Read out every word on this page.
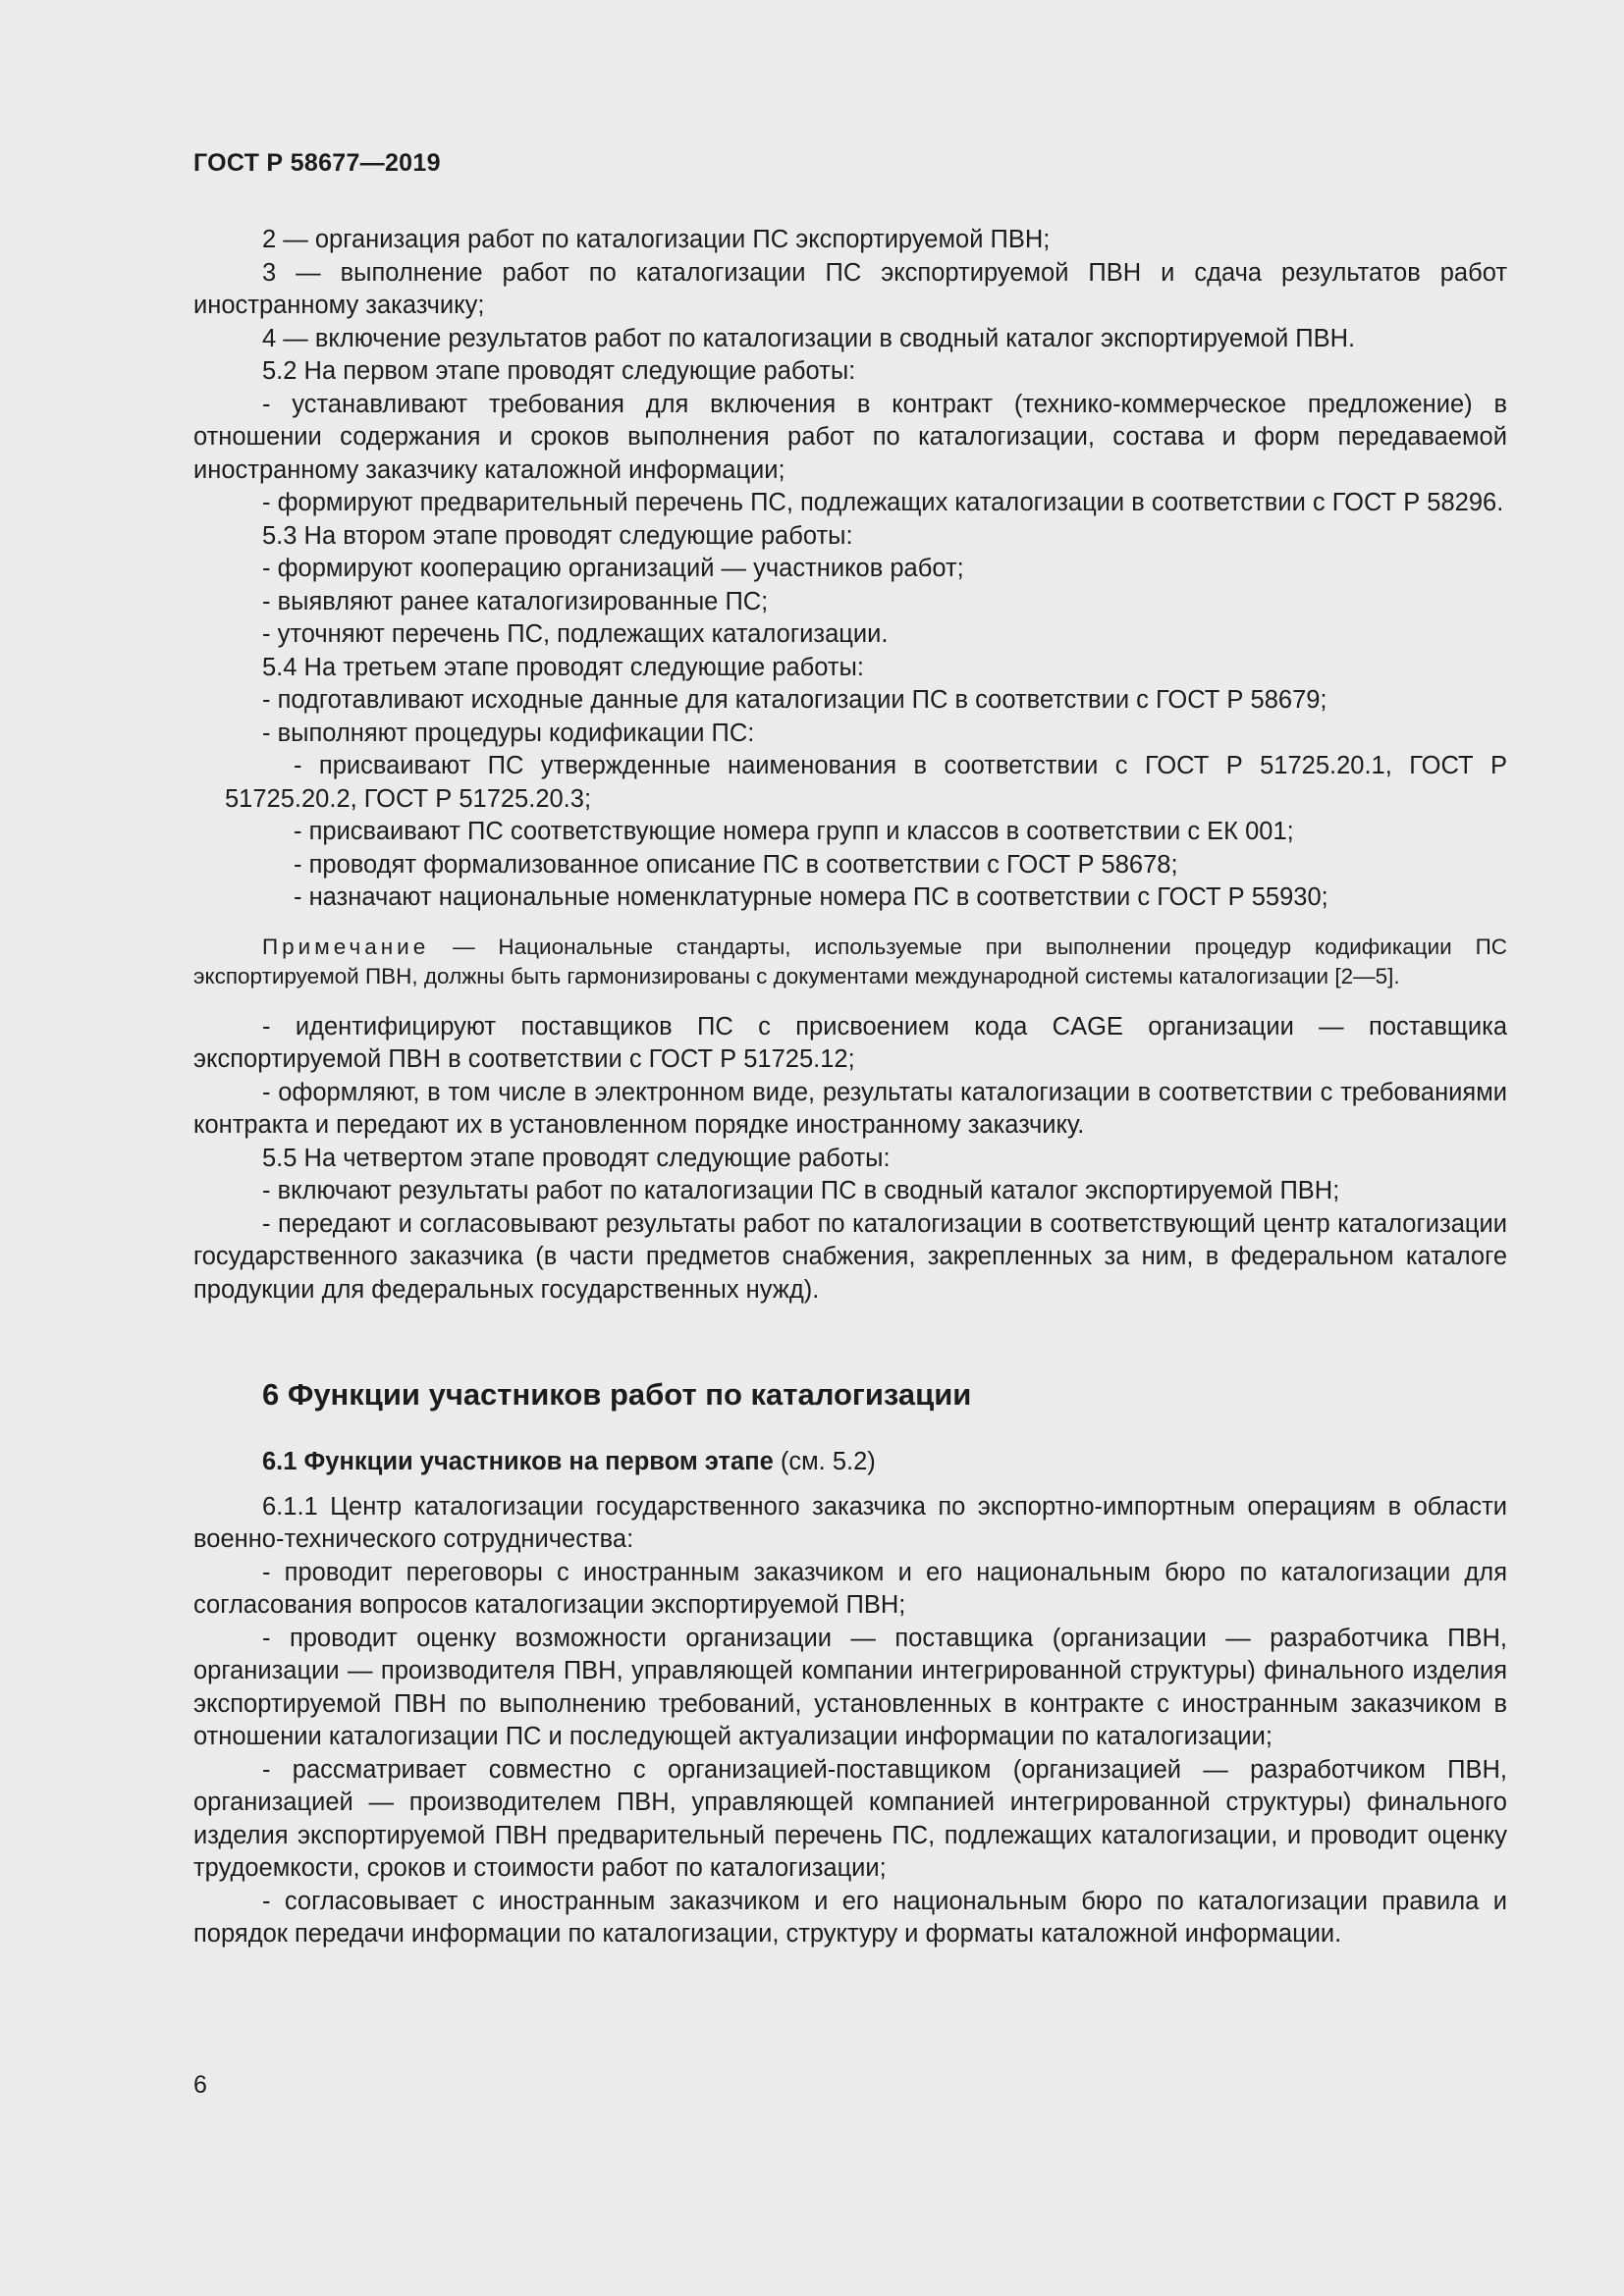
ГОСТ Р 58677—2019

2 — организация работ по каталогизации ПС экспортируемой ПВН;

3 — выполнение работ по каталогизации ПС экспортируемой ПВН и сдача результатов работ иностранному заказчику;

4 — включение результатов работ по каталогизации в сводный каталог экспортируемой ПВН.

5.2 На первом этапе проводят следующие работы:

- устанавливают требования для включения в контракт (технико-коммерческое предложение) в отношении содержания и сроков выполнения работ по каталогизации, состава и форм передаваемой иностранному заказчику каталожной информации;

- формируют предварительный перечень ПС, подлежащих каталогизации в соответствии с ГОСТ Р 58296.

5.3 На втором этапе проводят следующие работы:

- формируют кооперацию организаций — участников работ;

- выявляют ранее каталогизированные ПС;

- уточняют перечень ПС, подлежащих каталогизации.

5.4 На третьем этапе проводят следующие работы:

- подготавливают исходные данные для каталогизации ПС в соответствии с ГОСТ Р 58679;

- выполняют процедуры кодификации ПС:

- присваивают ПС утвержденные наименования в соответствии с ГОСТ Р 51725.20.1, ГОСТ Р 51725.20.2, ГОСТ Р 51725.20.3;

- присваивают ПС соответствующие номера групп и классов в соответствии с ЕК 001;

- проводят формализованное описание ПС в соответствии с ГОСТ Р 58678;

- назначают национальные номенклатурные номера ПС в соответствии с ГОСТ Р 55930;

Примечание — Национальные стандарты, используемые при выполнении процедур кодификации ПС экспортируемой ПВН, должны быть гармонизированы с документами международной системы каталогизации [2—5].

- идентифицируют поставщиков ПС с присвоением кода CAGE организации — поставщика экспортируемой ПВН в соответствии с ГОСТ Р 51725.12;

- оформляют, в том числе в электронном виде, результаты каталогизации в соответствии с требованиями контракта и передают их в установленном порядке иностранному заказчику.

5.5 На четвертом этапе проводят следующие работы:

- включают результаты работ по каталогизации ПС в сводный каталог экспортируемой ПВН;

- передают и согласовывают результаты работ по каталогизации в соответствующий центр каталогизации государственного заказчика (в части предметов снабжения, закрепленных за ним, в федеральном каталоге продукции для федеральных государственных нужд).

6 Функции участников работ по каталогизации
6.1 Функции участников на первом этапе (см. 5.2)

6.1.1 Центр каталогизации государственного заказчика по экспортно-импортным операциям в области военно-технического сотрудничества:

- проводит переговоры с иностранным заказчиком и его национальным бюро по каталогизации для согласования вопросов каталогизации экспортируемой ПВН;

- проводит оценку возможности организации — поставщика (организации — разработчика ПВН, организации — производителя ПВН, управляющей компании интегрированной структуры) финального изделия экспортируемой ПВН по выполнению требований, установленных в контракте с иностранным заказчиком в отношении каталогизации ПС и последующей актуализации информации по каталогизации;

- рассматривает совместно с организацией-поставщиком (организацией — разработчиком ПВН, организацией — производителем ПВН, управляющей компанией интегрированной структуры) финального изделия экспортируемой ПВН предварительный перечень ПС, подлежащих каталогизации, и проводит оценку трудоемкости, сроков и стоимости работ по каталогизации;

- согласовывает с иностранным заказчиком и его национальным бюро по каталогизации правила и порядок передачи информации по каталогизации, структуру и форматы каталожной информации.

6
